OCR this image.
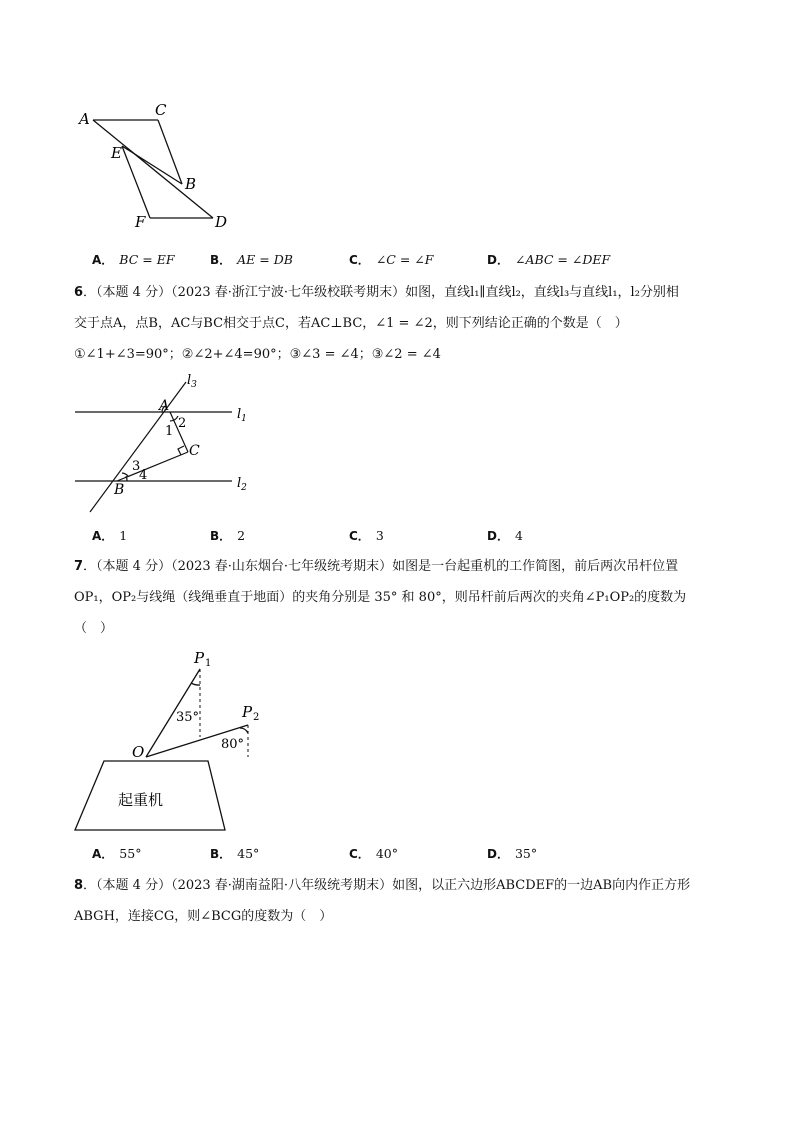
A	C
E
B
F	D
A． BC = EF	B． AE = DB	C． ∠C = ∠F	D． ∠ABC = ∠DEF
6．（本题 4 分）（2023 春·浙江宁波·七年级校联考期末）如图，直线l₁∥直线l₂，直线l₃与直线l₁，l₂分别相
交于点A，点B，AC与BC相交于点C，若AC⊥BC，∠1 = ∠2，则下列结论正确的个数是（　）
①∠1+∠3=90°；②∠2+∠4=90°；③∠3 = ∠4；③∠2 = ∠4
$l_3$
$l_1$
$l_2$
A
B
C
1
2
3
4
A． 1	B． 2	C． 3	D． 4
7．（本题 4 分）（2023 春·山东烟台·七年级统考期末）如图是一台起重机的工作简图，前后两次吊杆位置
OP₁，OP₂与线绳（线绳垂直于地面）的夹角分别是 35° 和 80°，则吊杆前后两次的夹角∠P₁OP₂的度数为
（　）
P 1
P 2
O
35°
80°
起重机
A． 55°	B． 45°	C． 40°	D． 35°
8．（本题 4 分）（2023 春·湖南益阳·八年级统考期末）如图，以正六边形ABCDEF的一边AB向内作正方形
ABGH，连接CG，则∠BCG的度数为（　）
